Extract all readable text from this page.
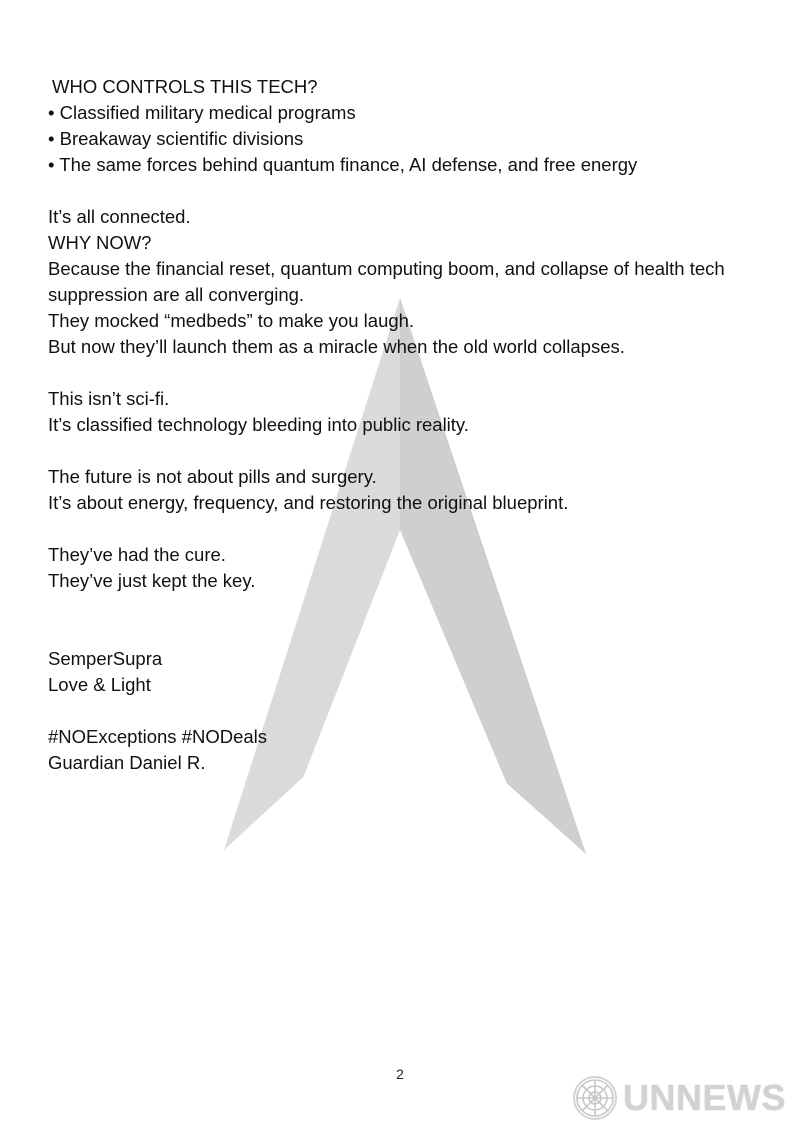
WHO CONTROLS THIS TECH?

• Classified military medical programs
• Breakaway scientific divisions
• The same forces behind quantum finance, AI defense, and free energy

It’s all connected.

WHY NOW?

Because the financial reset, quantum computing boom, and collapse of health tech suppression are all converging.

They mocked “medbeds” to make you laugh.

But now they’ll launch them as a miracle when the old world collapses.

This isn’t sci-fi.

It’s classified technology bleeding into public reality.

The future is not about pills and surgery.

It’s about energy, frequency, and restoring the original blueprint.

They’ve had the cure.

They’ve just kept the key.

SemperSupra

Love & Light

#NOExceptions #NODeals

Guardian Daniel R.

2
UNNEWS
